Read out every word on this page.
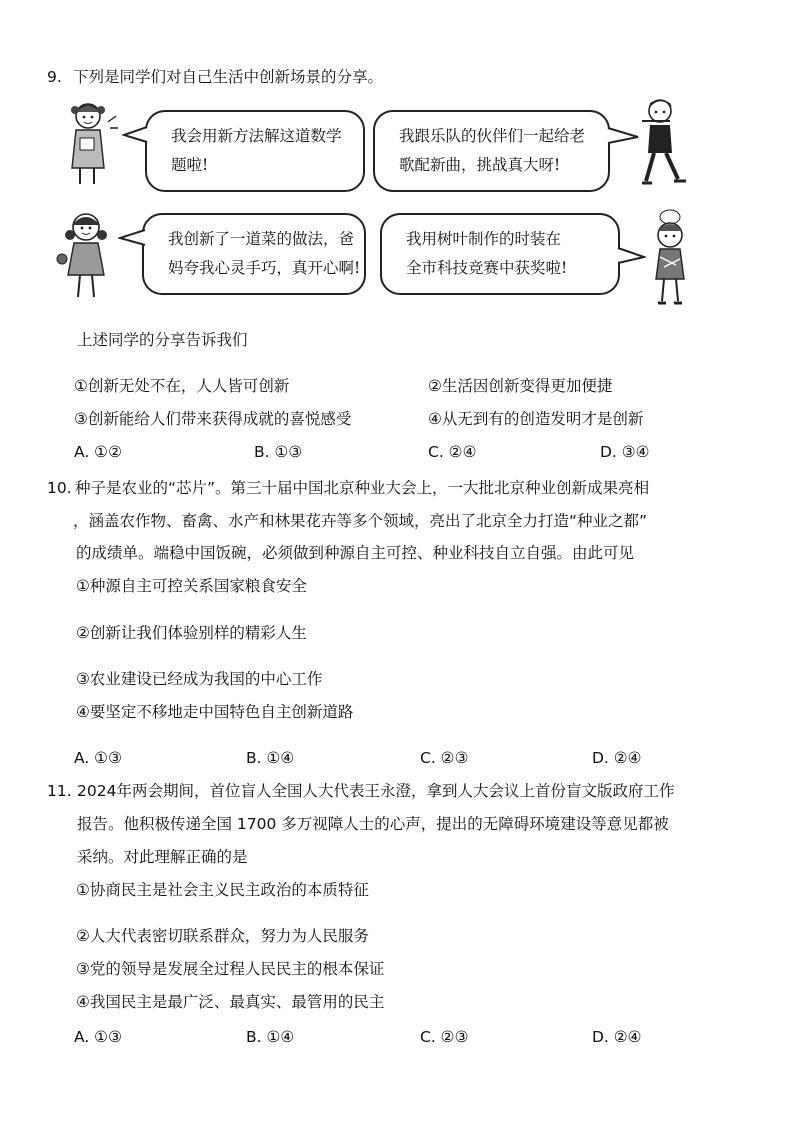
9. 下列是同学们对自己生活中创新场景的分享。
我会用新方法解这道数学
题啦!
我跟乐队的伙伴们一起给老
歌配新曲，挑战真大呀!
我创新了一道菜的做法，爸
妈夸我心灵手巧，真开心啊!
我用树叶制作的时装在
全市科技竞赛中获奖啦!
上述同学的分享告诉我们
①创新无处不在，人人皆可创新	②生活因创新变得更加便捷
③创新能给人们带来获得成就的喜悦感受	④从无到有的创造发明才是创新
A. ①②	B. ①③	C. ②④	D. ③④
10. 种子是农业的“芯片”。第三十届中国北京种业大会上，一大批北京种业创新成果亮相
，涵盖农作物、畜禽、水产和林果花卉等多个领域，亮出了北京全力打造“种业之都”
的成绩单。端稳中国饭碗，必须做到种源自主可控、种业科技自立自强。由此可见
①种源自主可控关系国家粮食安全
②创新让我们体验别样的精彩人生
③农业建设已经成为我国的中心工作
④要坚定不移地走中国特色自主创新道路
A. ①③	B. ①④	C. ②③	D. ②④
11. 2024年两会期间，首位盲人全国人大代表王永澄，拿到人大会议上首份盲文版政府工作
报告。他积极传递全国 1700 多万视障人士的心声，提出的无障碍环境建设等意见都被
采纳。对此理解正确的是
①协商民主是社会主义民主政治的本质特征
②人大代表密切联系群众，努力为人民服务
③党的领导是发展全过程人民民主的根本保证
④我国民主是最广泛、最真实、最管用的民主
A. ①③	B. ①④	C. ②③	D. ②④
